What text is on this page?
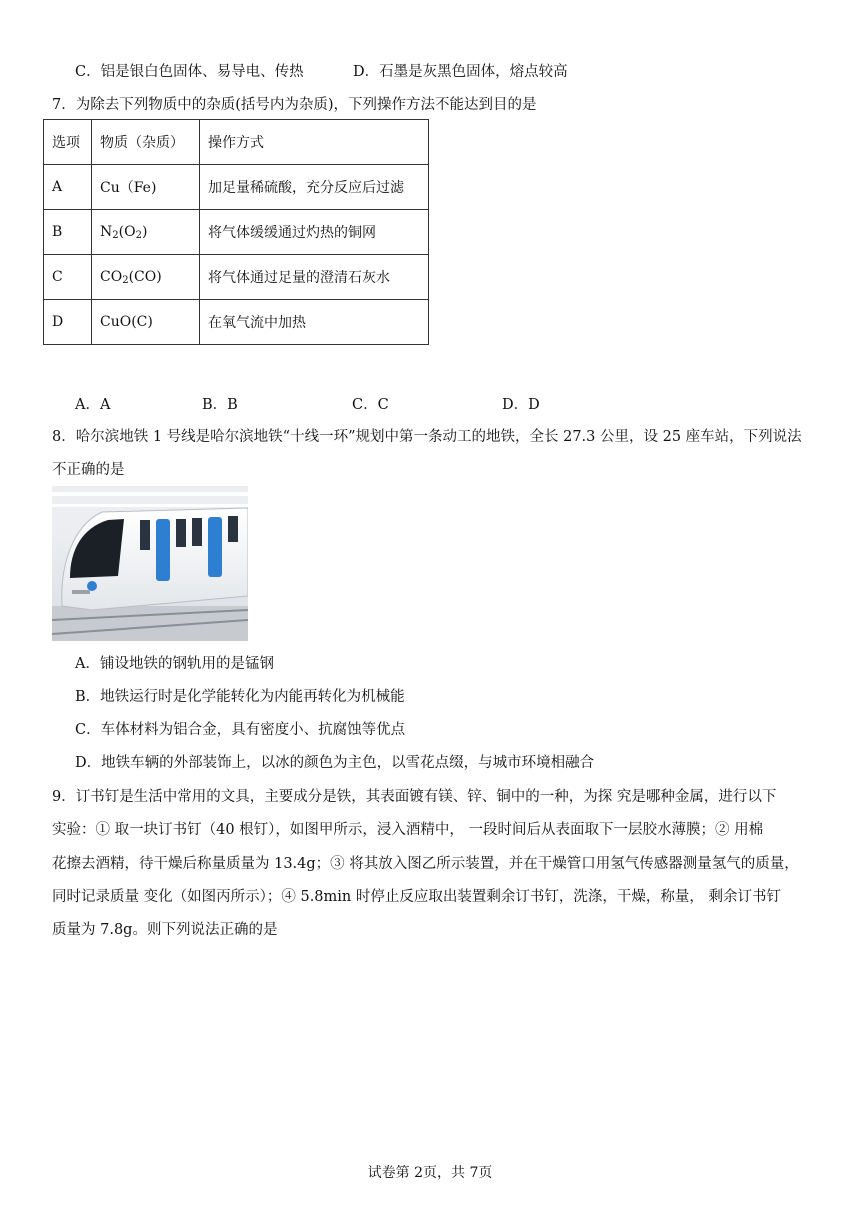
C．铝是银白色固体、易导电、传热	D．石墨是灰黑色固体，熔点较高
7．为除去下列物质中的杂质(括号内为杂质)，下列操作方法不能达到目的是
选项	物质（杂质）	操作方式
A	Cu（Fe)	加足量稀硫酸，充分反应后过滤
B	$N_2(O_2)$	将气体缓缓通过灼热的铜网
C	$CO_2(CO)$	将气体通过足量的澄清石灰水
D	CuO(C)	在氧气流中加热
A．A	B．B	C．C	D．D
8．哈尔滨地铁 1 号线是哈尔滨地铁“十线一环”规划中第一条动工的地铁，全长 27.3 公里，设 25 座车站，下列说法
不正确的是
A．铺设地铁的钢轨用的是锰钢
B．地铁运行时是化学能转化为内能再转化为机械能
C．车体材料为铝合金，具有密度小、抗腐蚀等优点
D．地铁车辆的外部装饰上，以冰的颜色为主色，以雪花点缀，与城市环境相融合
9．订书钉是生活中常用的文具，主要成分是铁，其表面镀有镁、锌、铜中的一种，为探 究是哪种金属，进行以下
实验：① 取一块订书钉（40 根钉），如图甲所示，浸入酒精中， 一段时间后从表面取下一层胶水薄膜；② 用棉
花擦去酒精，待干燥后称量质量为 13.4g；③ 将其放入图乙所示装置，并在干燥管口用氢气传感器测量氢气的质量，
同时记录质量 变化（如图丙所示）；④ 5.8min 时停止反应取出装置剩余订书钉，洗涤，干燥，称量， 剩余订书钉
质量为 7.8g。则下列说法正确的是
试卷第 2页，共 7页
